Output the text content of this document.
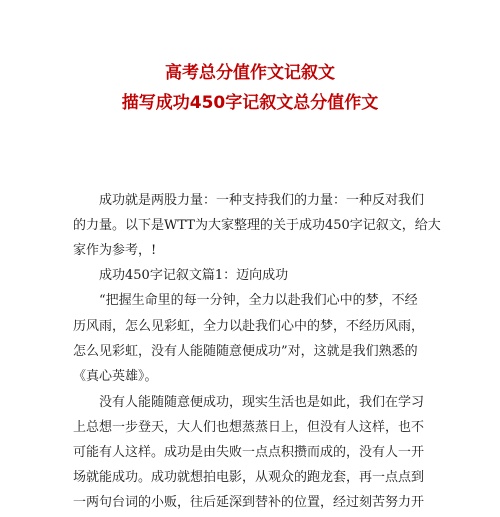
高考总分值作文记叙文
描写成功450字记叙文总分值作文
成功就是两股力量：一种支持我们的力量：一种反对我们
的力量。以下是WTT为大家整理的关于成功450字记叙文，给大
家作为参考，!
成功450字记叙文篇1：迈向成功
“把握生命里的每一分钟，全力以赴我们心中的梦，不经
历风雨，怎么见彩虹，全力以赴我们心中的梦，不经历风雨，
怎么见彩虹，没有人能随随意便成功”对，这就是我们熟悉的
《真心英雄》。
没有人能随随意便成功，现实生活也是如此，我们在学习
上总想一步登天，大人们也想蒸蒸日上，但没有人这样，也不
可能有人这样。成功是由失败一点点积攒而成的，没有人一开
场就能成功。成功就想拍电影，从观众的跑龙套，再一点点到
一两句台词的小贩，往后延深到替补的位置，经过刻苦努力开
